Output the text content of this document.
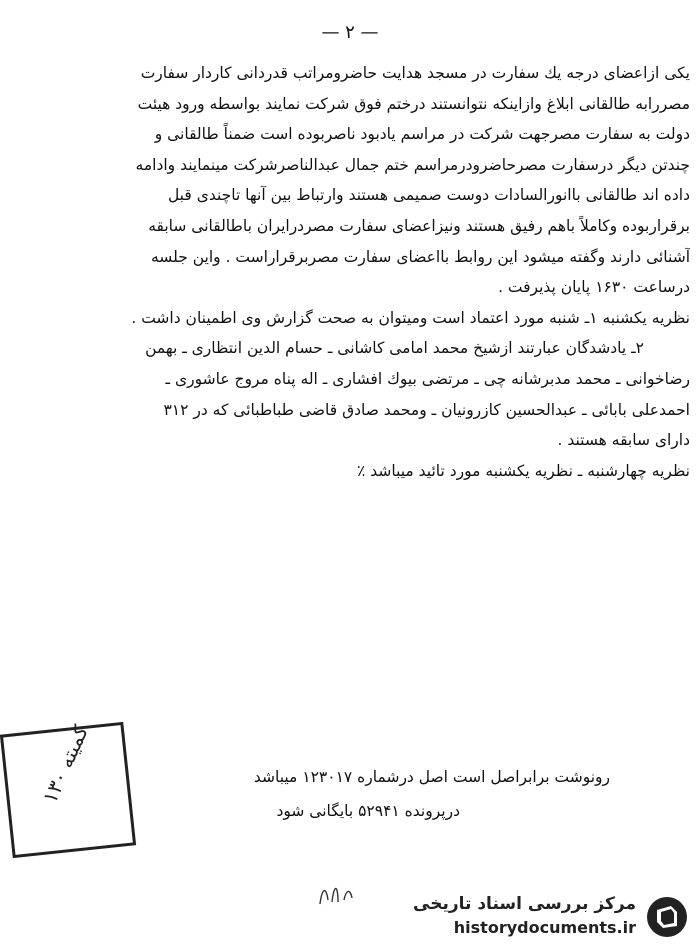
— ۲ —
یکی ازاعضای درجه یك سفارت در مسجد هدایت حاضرومراتب قدردانی کاردار سفارت
مصررابه طالقانی ابلاغ وازاینکه نتوانستند درختم فوق شرکت نمایند بواسطه ورود هیئت
دولت به سفارت مصرجهت شرکت در مراسم یادبود ناصربوده است ضمناً طالقانی و
چندتن دیگر درسفارت مصرحاضرودرمراسم ختم جمال عبدالناصرشرکت مینمایند وادامه
داده اند طالقانی باانورالسادات دوست صمیمی هستند وارتباط بین آنها تاچندی قبل
برقراربوده وکاملاً باهم رفیق هستند ونیزاعضای سفارت مصردرایران باطالقانی سابقه
آشنائی دارند وگفته میشود این روابط بااعضای سفارت مصربرقراراست . واین جلسه
درساعت ۱۶۳۰ پایان پذیرفت .
نظریه یکشنبه ۱ـ شنبه مورد اعتماد است ومیتوان به صحت گزارش وی اطمینان داشت .
۲ـ یادشدگان عبارتند ازشیخ محمد امامی کاشانی ـ حسام الدین انتظاری ـ بهمن
رضاخوانی ـ محمد مدبرشانه چی ـ مرتضی بیوك افشاری ـ اله پناه مروج عاشوری ـ
احمدعلی بابائی ـ عبدالحسین کازرونیان ـ ومحمد صادق قاضی طباطبائی که در ۳۱۲
دارای سابقه هستند .
نظریه چهارشنبه ـ نظریه یکشنبه مورد تائید میباشد ٪
رونوشت برابراصل است اصل درشماره ۱۲۳۰۱۷ میباشد
درپرونده ۵۲۹۴۱ بایگانی شود
کمیته ۱۳۰
مرکز بررسی اسناد تاریخی
historydocuments.ir
